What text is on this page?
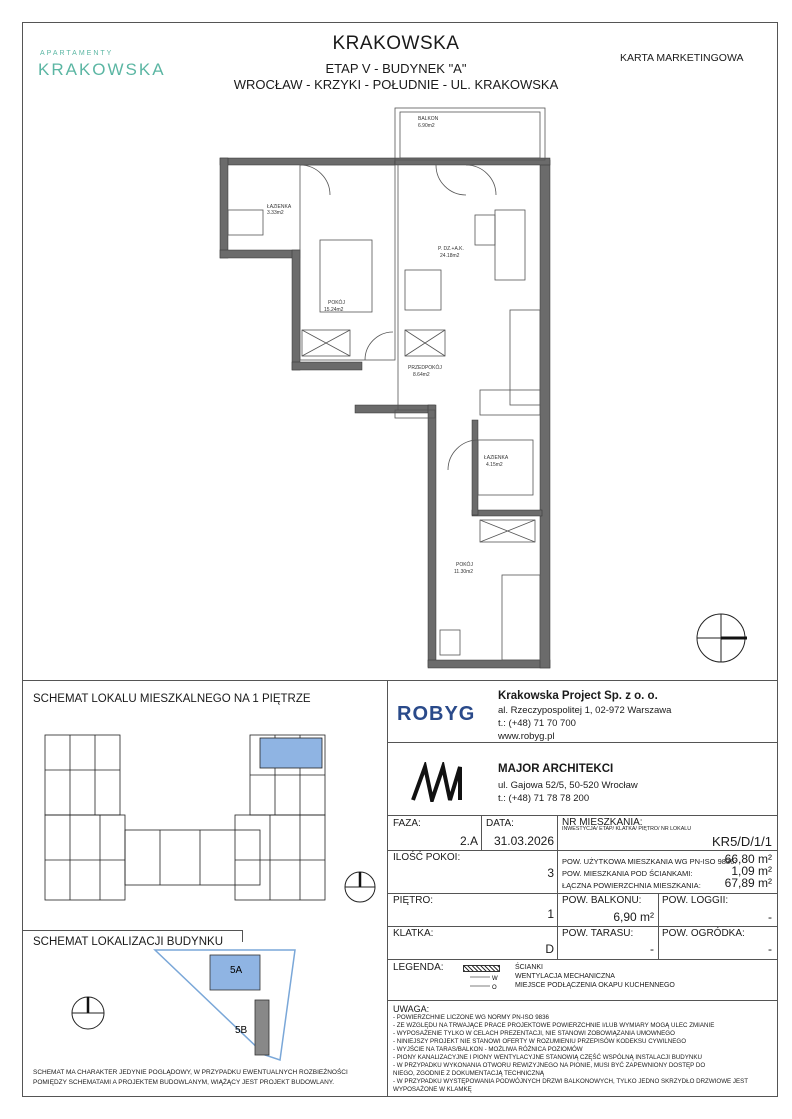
APARTAMENTY
KRAKOWSKA
KRAKOWSKA
ETAP V - BUDYNEK "A"
WROCŁAW - KRZYKI - POŁUDNIE - UL. KRAKOWSKA
KARTA MARKETINGOWA
BALKON
6.90m2
ŁAZIENKA
3.33m2
POKÓJ
15.24m2
P. DZ.+A.K.
24.18m2
PRZEDPOKÓJ
8.64m2
ŁAZIENKA
4.15m2
POKÓJ
11.30m2
SCHEMAT LOKALU MIESZKALNEGO NA 1 PIĘTRZE
SCHEMAT LOKALIZACJI BUDYNKU
5A
5B
SCHEMAT MA CHARAKTER JEDYNIE POGLĄDOWY, W PRZYPADKU EWENTUALNYCH ROZBIEŻNOŚCI
POMIĘDZY SCHEMATAMI A PROJEKTEM BUDOWLANYM, WIĄŻĄCY JEST PROJEKT BUDOWLANY.
ROBYG
Krakowska Project Sp. z o. o.
al. Rzeczypospolitej 1, 02-972 Warszawa
t.: (+48) 71 70 700
www.robyg.pl
MAJOR ARCHITEKCI
ul. Gajowa 52/5, 50-520 Wrocław
t.: (+48) 71 78 78 200
FAZA:
2.A
DATA:
31.03.2026
NR MIESZKANIA:
INWESTYCJA/ ETAP/ KLATKA/ PIĘTRO/ NR LOKALU
KR5/D/1/1
ILOŚĆ POKOI:
3
POW. UŻYTKOWA MIESZKANIA WG PN-ISO 9836:
66,80 m²
POW. MIESZKANIA POD ŚCIANKAMI:	1,09 m²
ŁĄCZNA POWIERZCHNIA MIESZKANIA:	67,89 m²
PIĘTRO:
1
POW. BALKONU:
6,90 m²
POW. LOGGII:
-
KLATKA:
D
POW. TARASU:
-
POW. OGRÓDKA:
-
LEGENDA:
W
O
ŚCIANKI
WENTYLACJA MECHANICZNA
MIEJSCE PODŁĄCZENIA OKAPU KUCHENNEGO
UWAGA:
- POWIERZCHNIE LICZONE WG NORMY PN-ISO 9836
- ZE WZGLĘDU NA TRWAJĄCE PRACE PROJEKTOWE POWIERZCHNIE I/LUB WYMIARY MOGĄ ULEC ZMIANIE
- WYPOSAŻENIE TYLKO W CELACH PREZENTACJI, NIE STANOWI ZOBOWIĄZANIA UMOWNEGO
- NINIEJSZY PROJEKT NIE STANOWI OFERTY W ROZUMIENIU PRZEPISÓW KODEKSU CYWILNEGO
- WYJŚCIE NA TARAS/BALKON - MOŻLIWA RÓŻNICA POZIOMÓW
- PIONY KANALIZACYJNE I PIONY WENTYLACYJNE STANOWIĄ CZĘŚĆ WSPÓLNĄ INSTALACJI BUDYNKU
- W PRZYPADKU WYKONANIA OTWORU REWIZYJNEGO NA PIONIE, MUSI BYĆ ZAPEWNIONY DOSTĘP DO
NIEGO, ZGODNIE Z DOKUMENTACJĄ TECHNICZNĄ
- W PRZYPADKU WYSTĘPOWANIA PODWÓJNYCH DRZWI BALKONOWYCH, TYLKO JEDNO SKRZYDŁO DRZWIOWE JEST
WYPOSAŻONE W KLAMKĘ
